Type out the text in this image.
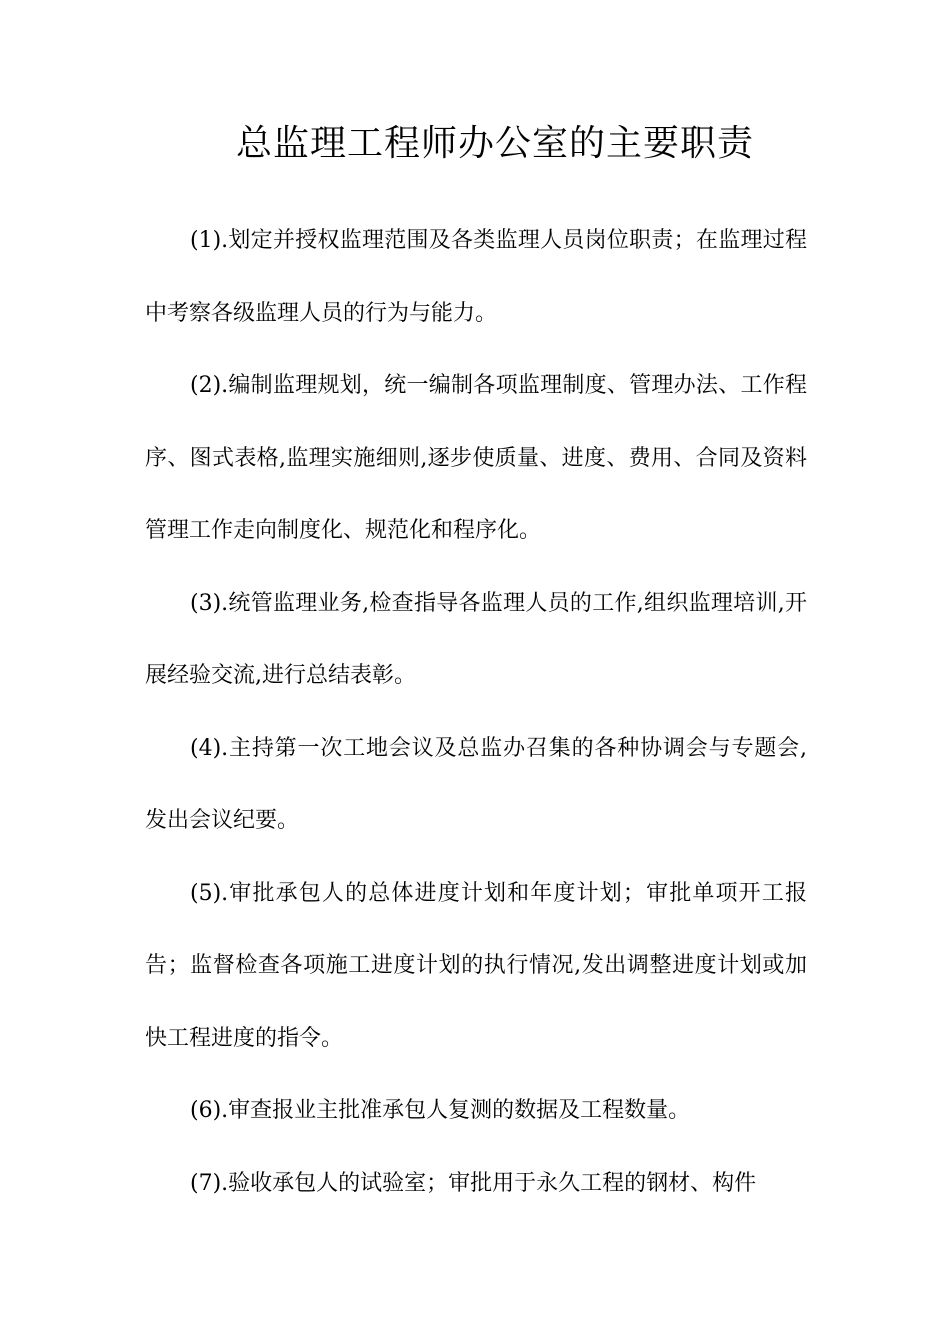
总监理工程师办公室的主要职责

(1).划定并授权监理范围及各类监理人员岗位职责；在监理过程中考察各级监理人员的行为与能力。

(2).编制监理规划，统一编制各项监理制度、管理办法、工作程序、图式表格,监理实施细则,逐步使质量、进度、费用、合同及资料管理工作走向制度化、规范化和程序化。

(3).统管监理业务,检查指导各监理人员的工作,组织监理培训,开展经验交流,进行总结表彰。

(4).主持第一次工地会议及总监办召集的各种协调会与专题会,发出会议纪要。

(5).审批承包人的总体进度计划和年度计划；审批单项开工报告；监督检查各项施工进度计划的执行情况,发出调整进度计划或加快工程进度的指令。

(6).审查报业主批准承包人复测的数据及工程数量。

(7).验收承包人的试验室；审批用于永久工程的钢材、构件
